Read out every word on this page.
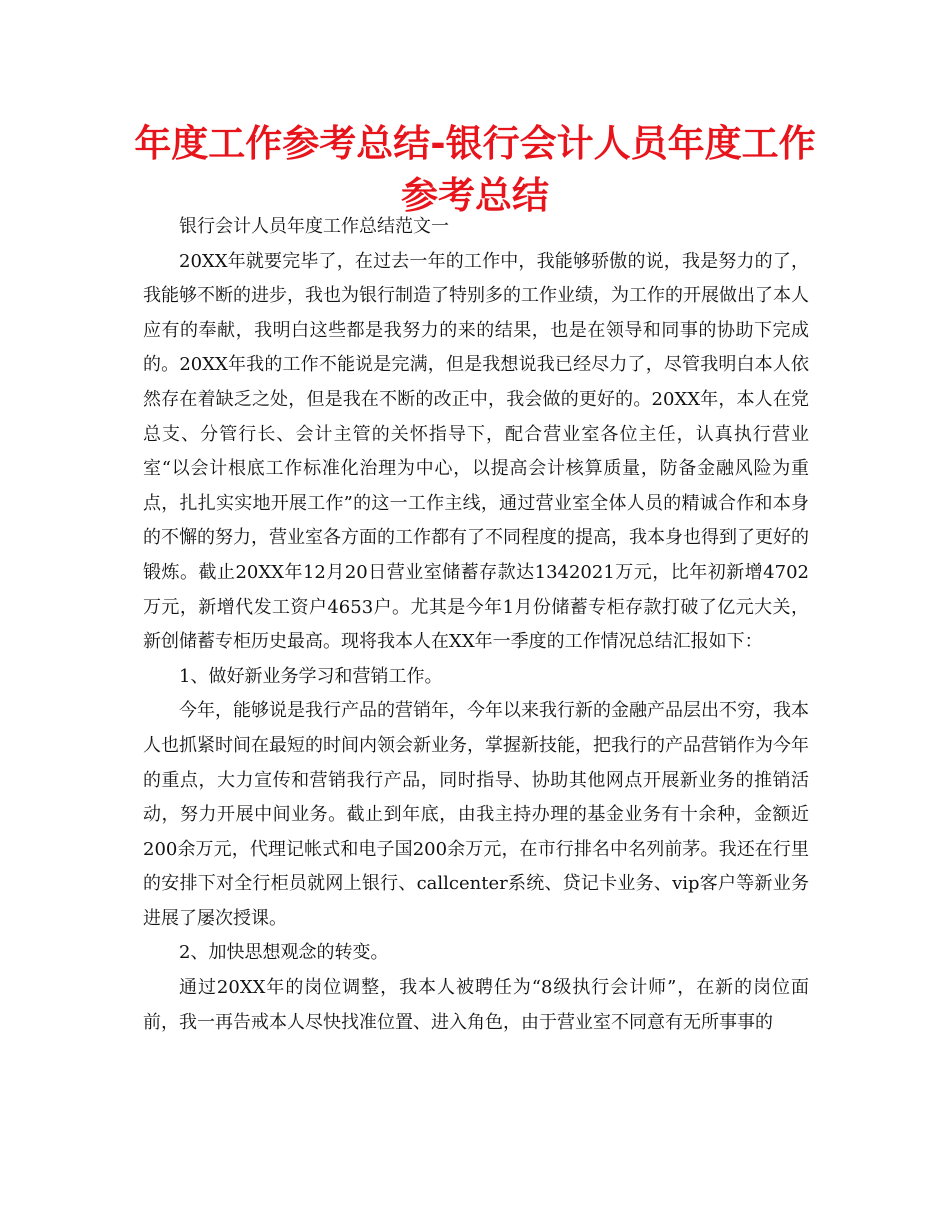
年度工作参考总结-银行会计人员年度工作参考总结

银行会计人员年度工作总结范文一

20XX年就要完毕了，在过去一年的工作中，我能够骄傲的说，我是努力的了，我能够不断的进步，我也为银行制造了特别多的工作业绩，为工作的开展做出了本人应有的奉献，我明白这些都是我努力的来的结果，也是在领导和同事的协助下完成的。20XX年我的工作不能说是完满，但是我想说我已经尽力了，尽管我明白本人依然存在着缺乏之处，但是我在不断的改正中，我会做的更好的。20XX年，本人在党总支、分管行长、会计主管的关怀指导下，配合营业室各位主任，认真执行营业室“以会计根底工作标准化治理为中心，以提高会计核算质量，防备金融风险为重点，扎扎实实地开展工作”的这一工作主线，通过营业室全体人员的精诚合作和本身的不懈的努力，营业室各方面的工作都有了不同程度的提高，我本身也得到了更好的锻炼。截止20XX年12月20日营业室储蓄存款达1342021万元，比年初新增4702万元，新增代发工资户4653户。尤其是今年1月份储蓄专柜存款打破了亿元大关，新创储蓄专柜历史最高。现将我本人在XX年一季度的工作情况总结汇报如下：

1、做好新业务学习和营销工作。

今年，能够说是我行产品的营销年，今年以来我行新的金融产品层出不穷，我本人也抓紧时间在最短的时间内领会新业务，掌握新技能，把我行的产品营销作为今年的重点，大力宣传和营销我行产品，同时指导、协助其他网点开展新业务的推销活动，努力开展中间业务。截止到年底，由我主持办理的基金业务有十余种，金额近200余万元，代理记帐式和电子国200余万元，在市行排名中名列前茅。我还在行里的安排下对全行柜员就网上银行、callcenter系统、贷记卡业务、vip客户等新业务进展了屡次授课。

2、加快思想观念的转变。

通过20XX年的岗位调整，我本人被聘任为“8级执行会计师”，在新的岗位面前，我一再告戒本人尽快找准位置、进入角色，由于营业室不同意有无所事事的
